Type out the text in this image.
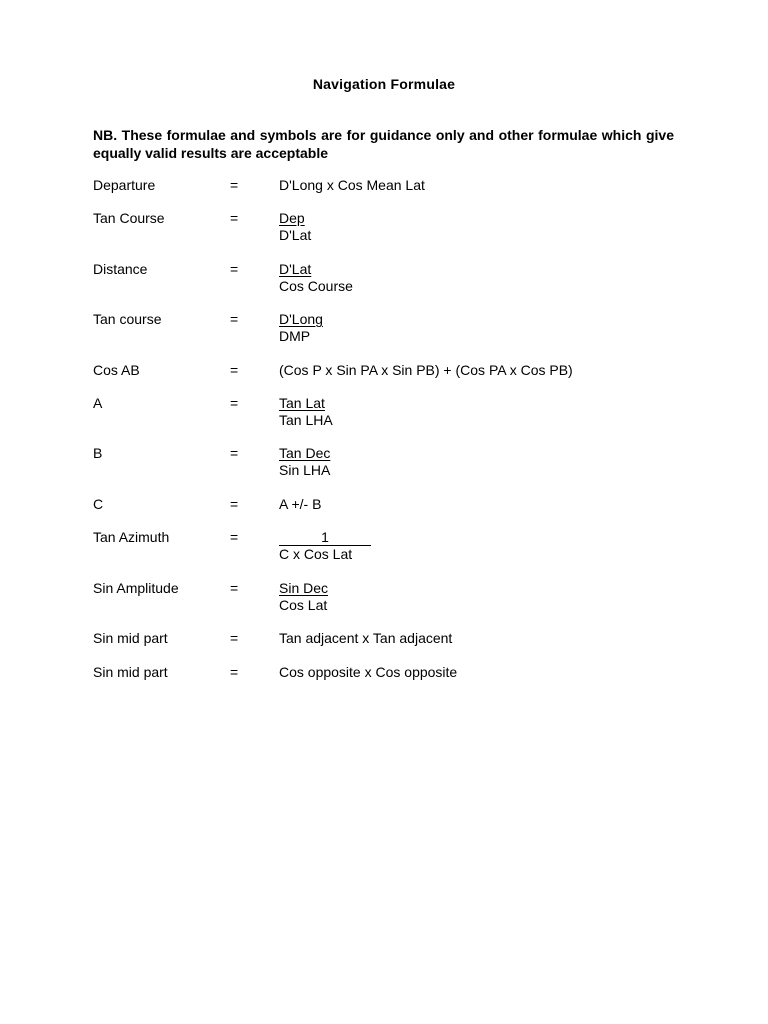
Navigation Formulae
NB. These formulae and symbols are for guidance only and other formulae which give equally valid results are acceptable
Departure	=	D'Long x Cos Mean Lat
Tan Course	=	Dep
D'Lat
Distance	=	D'Lat
Cos Course
Tan course	=	D'Long
DMP
Cos AB	=	(Cos P x Sin PA x Sin PB) + (Cos PA x Cos PB)
A	=	Tan Lat
Tan LHA
B	=	Tan Dec
Sin LHA
C	=	A +/- B
Tan Azimuth	=	1
C x Cos Lat
Sin Amplitude	=	Sin Dec
Cos Lat
Sin mid part	=	Tan adjacent x Tan adjacent
Sin mid part	=	Cos opposite x Cos opposite
